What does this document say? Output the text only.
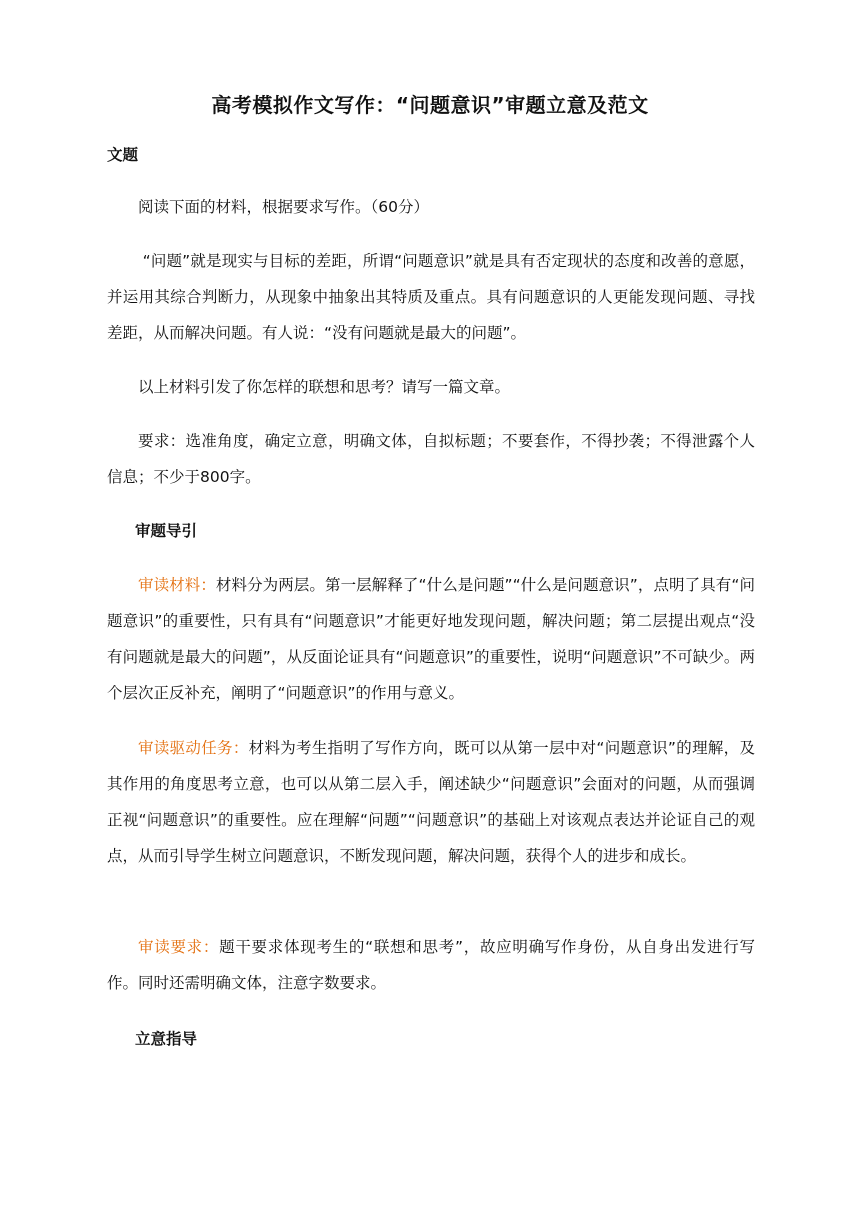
高考模拟作文写作：“问题意识”审题立意及范文
文题

阅读下面的材料，根据要求写作。（60分）

“问题”就是现实与目标的差距，所谓“问题意识”就是具有否定现状的态度和改善的意愿，并运用其综合判断力，从现象中抽象出其特质及重点。具有问题意识的人更能发现问题、寻找差距，从而解决问题。有人说：“没有问题就是最大的问题”。

以上材料引发了你怎样的联想和思考？请写一篇文章。

要求：选准角度，确定立意，明确文体，自拟标题；不要套作，不得抄袭；不得泄露个人信息；不少于800字。

审题导引

审读材料：材料分为两层。第一层解释了“什么是问题”“什么是问题意识”，点明了具有“问题意识”的重要性，只有具有“问题意识”才能更好地发现问题，解决问题；第二层提出观点“没有问题就是最大的问题”，从反面论证具有“问题意识”的重要性，说明“问题意识”不可缺少。两个层次正反补充，阐明了“问题意识”的作用与意义。

审读驱动任务：材料为考生指明了写作方向，既可以从第一层中对“问题意识”的理解，及其作用的角度思考立意，也可以从第二层入手，阐述缺少“问题意识”会面对的问题，从而强调正视“问题意识”的重要性。应在理解“问题”“问题意识”的基础上对该观点表达并论证自己的观点，从而引导学生树立问题意识，不断发现问题，解决问题，获得个人的进步和成长。

审读要求：题干要求体现考生的“联想和思考”，故应明确写作身份，从自身出发进行写作。同时还需明确文体，注意字数要求。

立意指导
